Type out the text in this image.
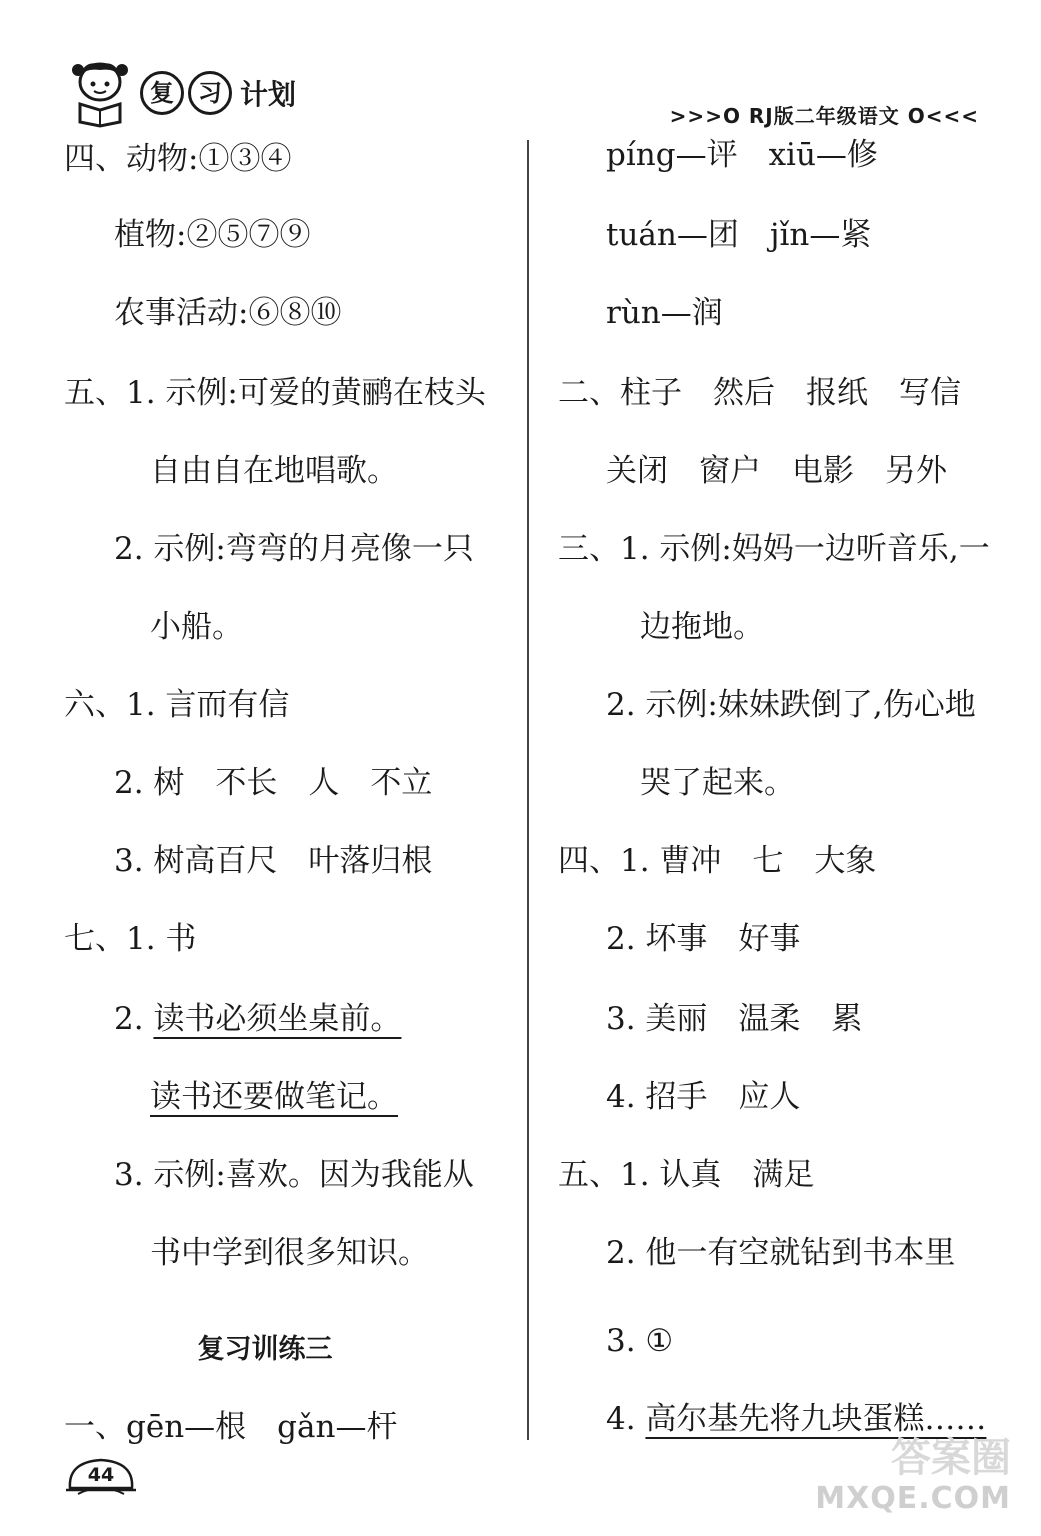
复	习 计划
>>>O RJ版二年级语文 O<<<
四、动物:①③④
植物:②⑤⑦⑨
农事活动:⑥⑧⑩
五、1. 示例:可爱的黄鹂在枝头
自由自在地唱歌。
2. 示例:弯弯的月亮像一只
小船。
六、1. 言而有信
2. 树　不长　人　不立
3. 树高百尺　叶落归根
七、1. 书
2. 读书必须坐桌前。
读书还要做笔记。
3. 示例:喜欢。因为我能从
书中学到很多知识。
复习训练三
一、gēn—根　gǎn—杆
píng—评　xiū—修
tuán—团　jǐn—紧
rùn—润
二、柱子　然后　报纸　写信
关闭　窗户　电影　另外
三、1. 示例:妈妈一边听音乐,一
边拖地。
2. 示例:妹妹跌倒了,伤心地
哭了起来。
四、1. 曹冲　七　大象
2. 坏事　好事
3. 美丽　温柔　累
4. 招手　应人
五、1. 认真　满足
2. 他一有空就钻到书本里
3. ①
4. 高尔基先将九块蛋糕……
44	答案圈
MXQE.COM
